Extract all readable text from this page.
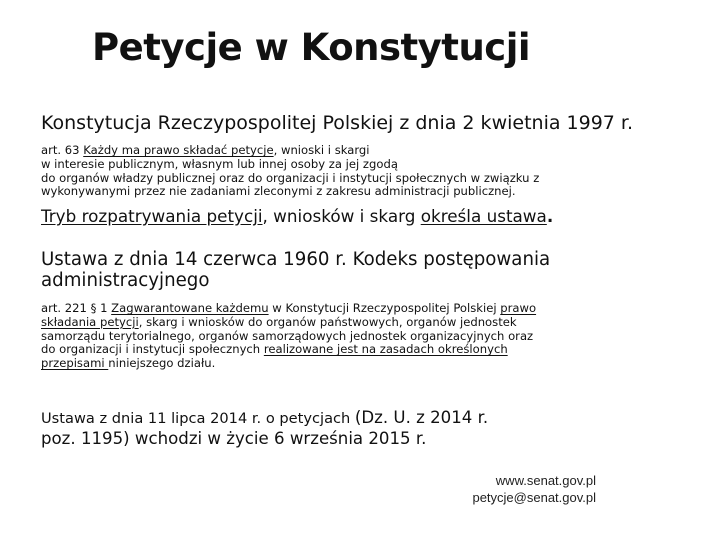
Petycje w Konstytucji
Konstytucja Rzeczypospolitej Polskiej z dnia 2 kwietnia 1997 r.
art. 63 Każdy ma prawo składać petycje, wnioski i skargi
w interesie publicznym, własnym lub innej osoby za jej zgodą
do organów władzy publicznej oraz do organizacji i instytucji społecznych w związku z
wykonywanymi przez nie zadaniami zleconymi z zakresu administracji publicznej.
Tryb rozpatrywania petycji, wniosków i skarg określa ustawa.
Ustawa z dnia 14 czerwca 1960 r. Kodeks postępowania administracyjnego
art. 221 § 1 Zagwarantowane każdemu w Konstytucji Rzeczypospolitej Polskiej prawo
składania petycji, skarg i wniosków do organów państwowych, organów jednostek
samorządu terytorialnego, organów samorządowych jednostek organizacyjnych oraz
do organizacji i instytucji społecznych realizowane jest na zasadach określonych
przepisami niniejszego działu.
Ustawa z dnia 11 lipca 2014 r. o petycjach (Dz. U. z 2014 r.
poz. 1195) wchodzi w życie 6 września 2015 r.
www.senat.gov.pl
petycje@senat.gov.pl
